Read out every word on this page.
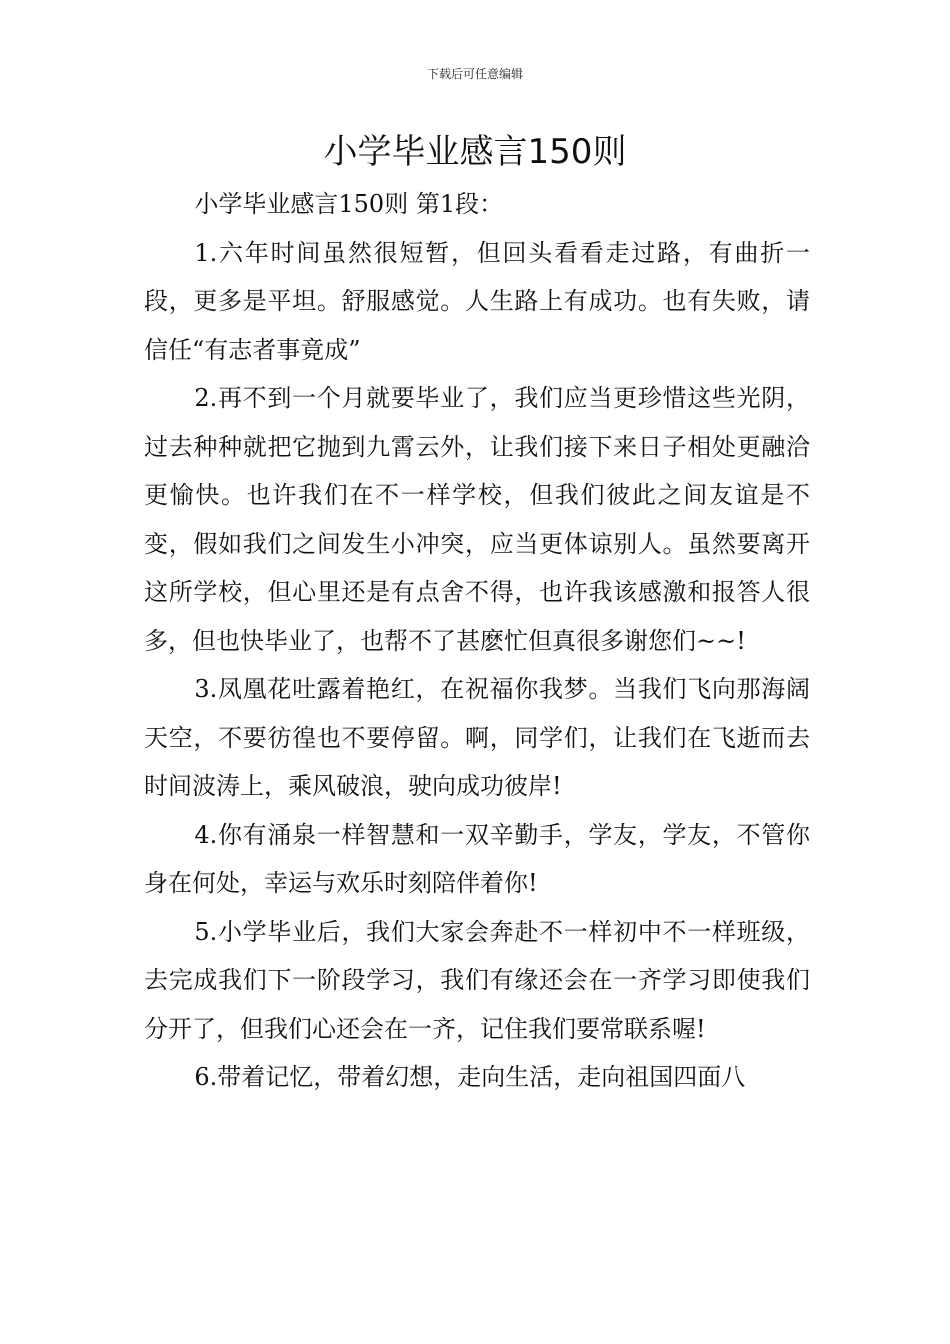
下载后可任意编辑
小学毕业感言150则

小学毕业感言150则 第1段：

1.六年时间虽然很短暂，但回头看看走过路，有曲折一段，更多是平坦。舒服感觉。人生路上有成功。也有失败，请信任“有志者事竟成”

2.再不到一个月就要毕业了，我们应当更珍惜这些光阴，过去种种就把它抛到九霄云外，让我们接下来日子相处更融洽更愉快。也许我们在不一样学校，但我们彼此之间友谊是不变，假如我们之间发生小冲突，应当更体谅别人。虽然要离开这所学校，但心里还是有点舍不得，也许我该感激和报答人很多，但也快毕业了，也帮不了甚麽忙但真很多谢您们~~!

3.凤凰花吐露着艳红，在祝福你我梦。当我们飞向那海阔天空，不要彷徨也不要停留。啊，同学们，让我们在飞逝而去时间波涛上，乘风破浪，驶向成功彼岸!

4.你有涌泉一样智慧和一双辛勤手，学友，学友，不管你身在何处，幸运与欢乐时刻陪伴着你!

5.小学毕业后，我们大家会奔赴不一样初中不一样班级，去完成我们下一阶段学习，我们有缘还会在一齐学习即使我们分开了，但我们心还会在一齐，记住我们要常联系喔!

6.带着记忆，带着幻想，走向生活，走向祖国四面八
